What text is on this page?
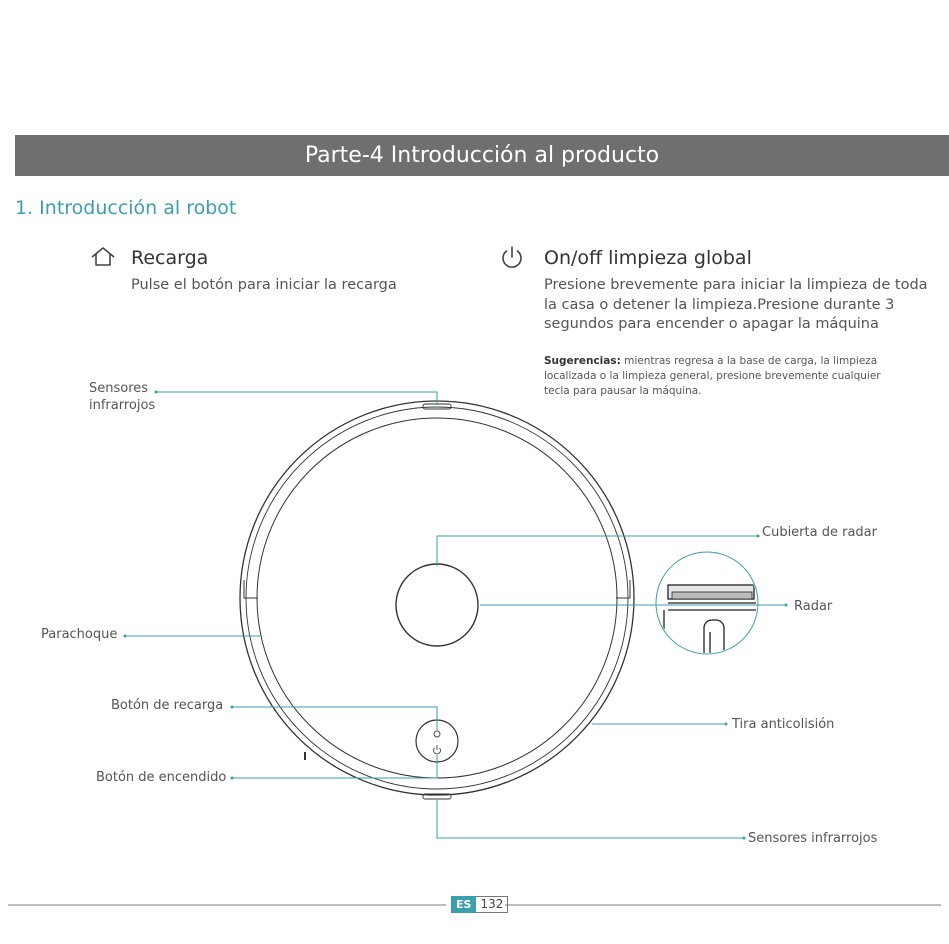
Parte-4 Introducción al producto
1. Introducción al robot
Recarga
Pulse el botón para iniciar la recarga
On/off limpieza global
Presione brevemente para iniciar la limpieza de toda
la casa o detener la limpieza.Presione durante 3
segundos para encender o apagar la máquina
Sugerencias: mientras regresa a la base de carga, la limpieza localizada o la limpieza general, presione brevemente cualquier tecla para pausar la máquina.
Sensores
infrarrojos
Parachoque
Botón de recarga
Botón de encendido
Cubierta de radar
Radar
Tira anticolisión
Sensores infrarrojos
ES 132
